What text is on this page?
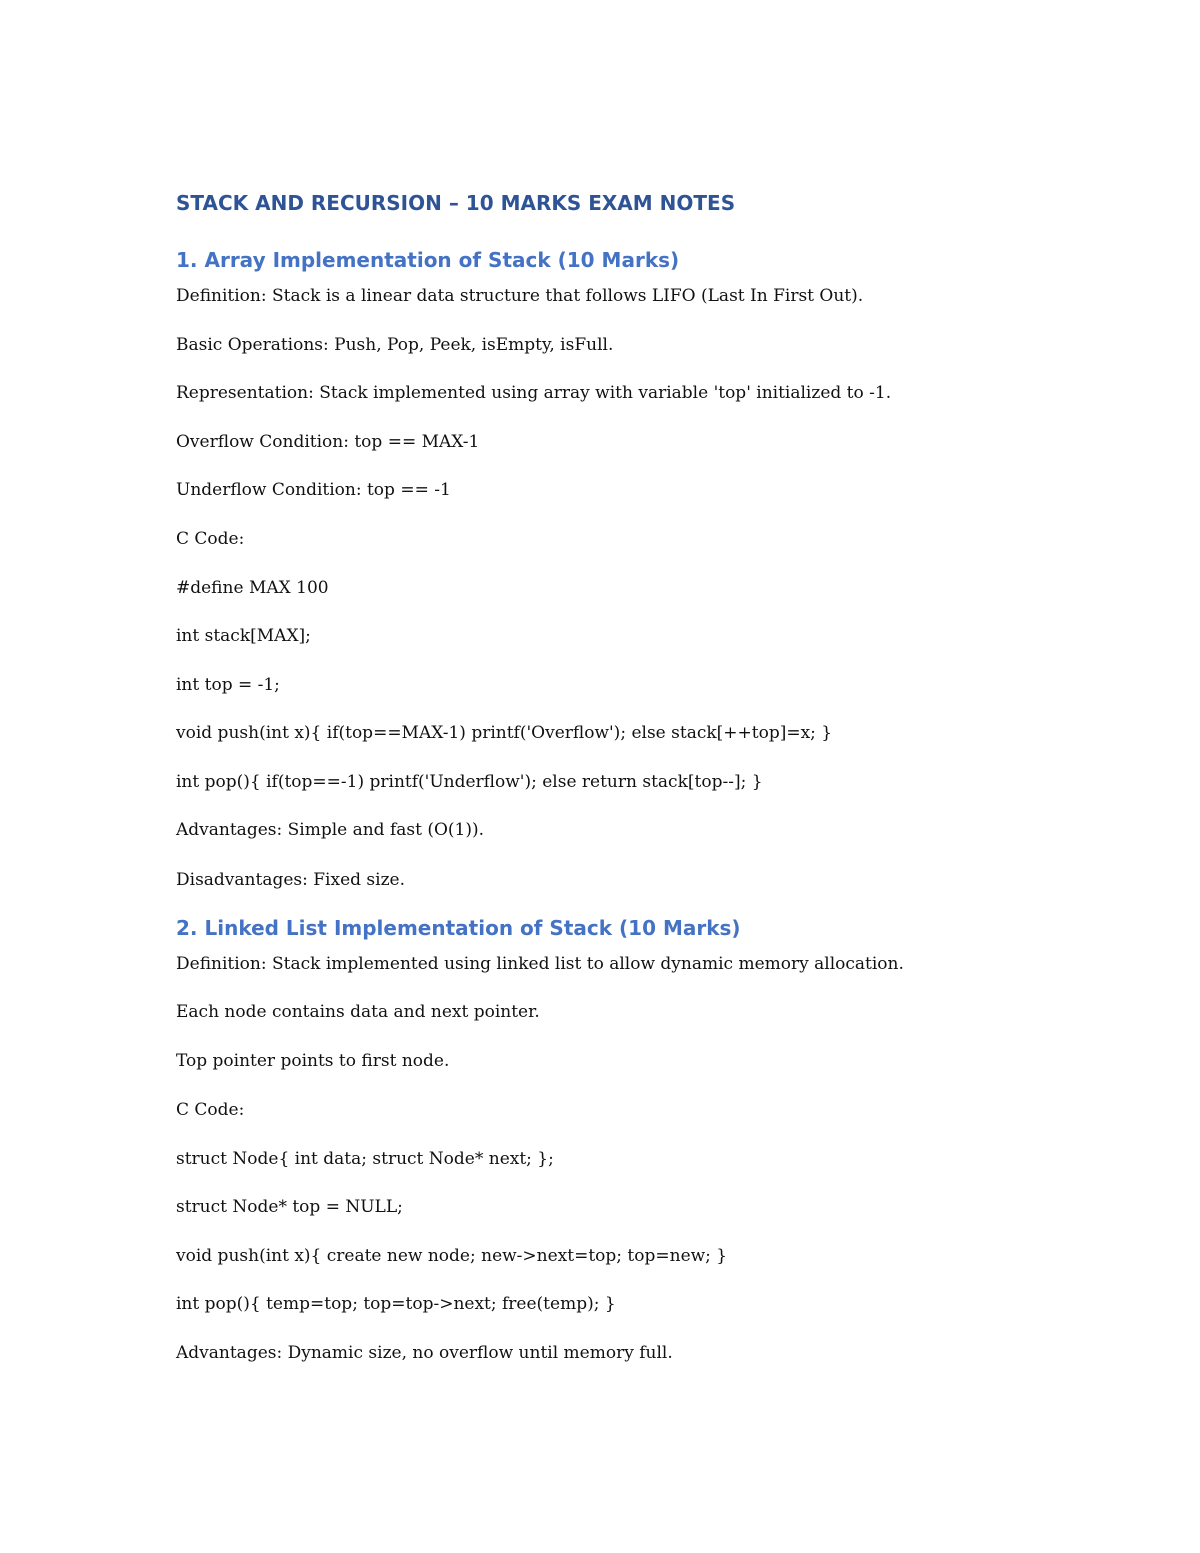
STACK AND RECURSION – 10 MARKS EXAM NOTES
1. Array Implementation of Stack (10 Marks)

Definition: Stack is a linear data structure that follows LIFO (Last In First Out).

Basic Operations: Push, Pop, Peek, isEmpty, isFull.

Representation: Stack implemented using array with variable 'top' initialized to -1.

Overflow Condition: top == MAX-1

Underflow Condition: top == -1

C Code:

#define MAX 100

int stack[MAX];

int top = -1;

void push(int x){ if(top==MAX-1) printf('Overflow'); else stack[++top]=x; }

int pop(){ if(top==-1) printf('Underflow'); else return stack[top--]; }

Advantages: Simple and fast (O(1)).

Disadvantages: Fixed size.

2. Linked List Implementation of Stack (10 Marks)

Definition: Stack implemented using linked list to allow dynamic memory allocation.

Each node contains data and next pointer.

Top pointer points to first node.

C Code:

struct Node{ int data; struct Node* next; };

struct Node* top = NULL;

void push(int x){ create new node; new->next=top; top=new; }

int pop(){ temp=top; top=top->next; free(temp); }

Advantages: Dynamic size, no overflow until memory full.
